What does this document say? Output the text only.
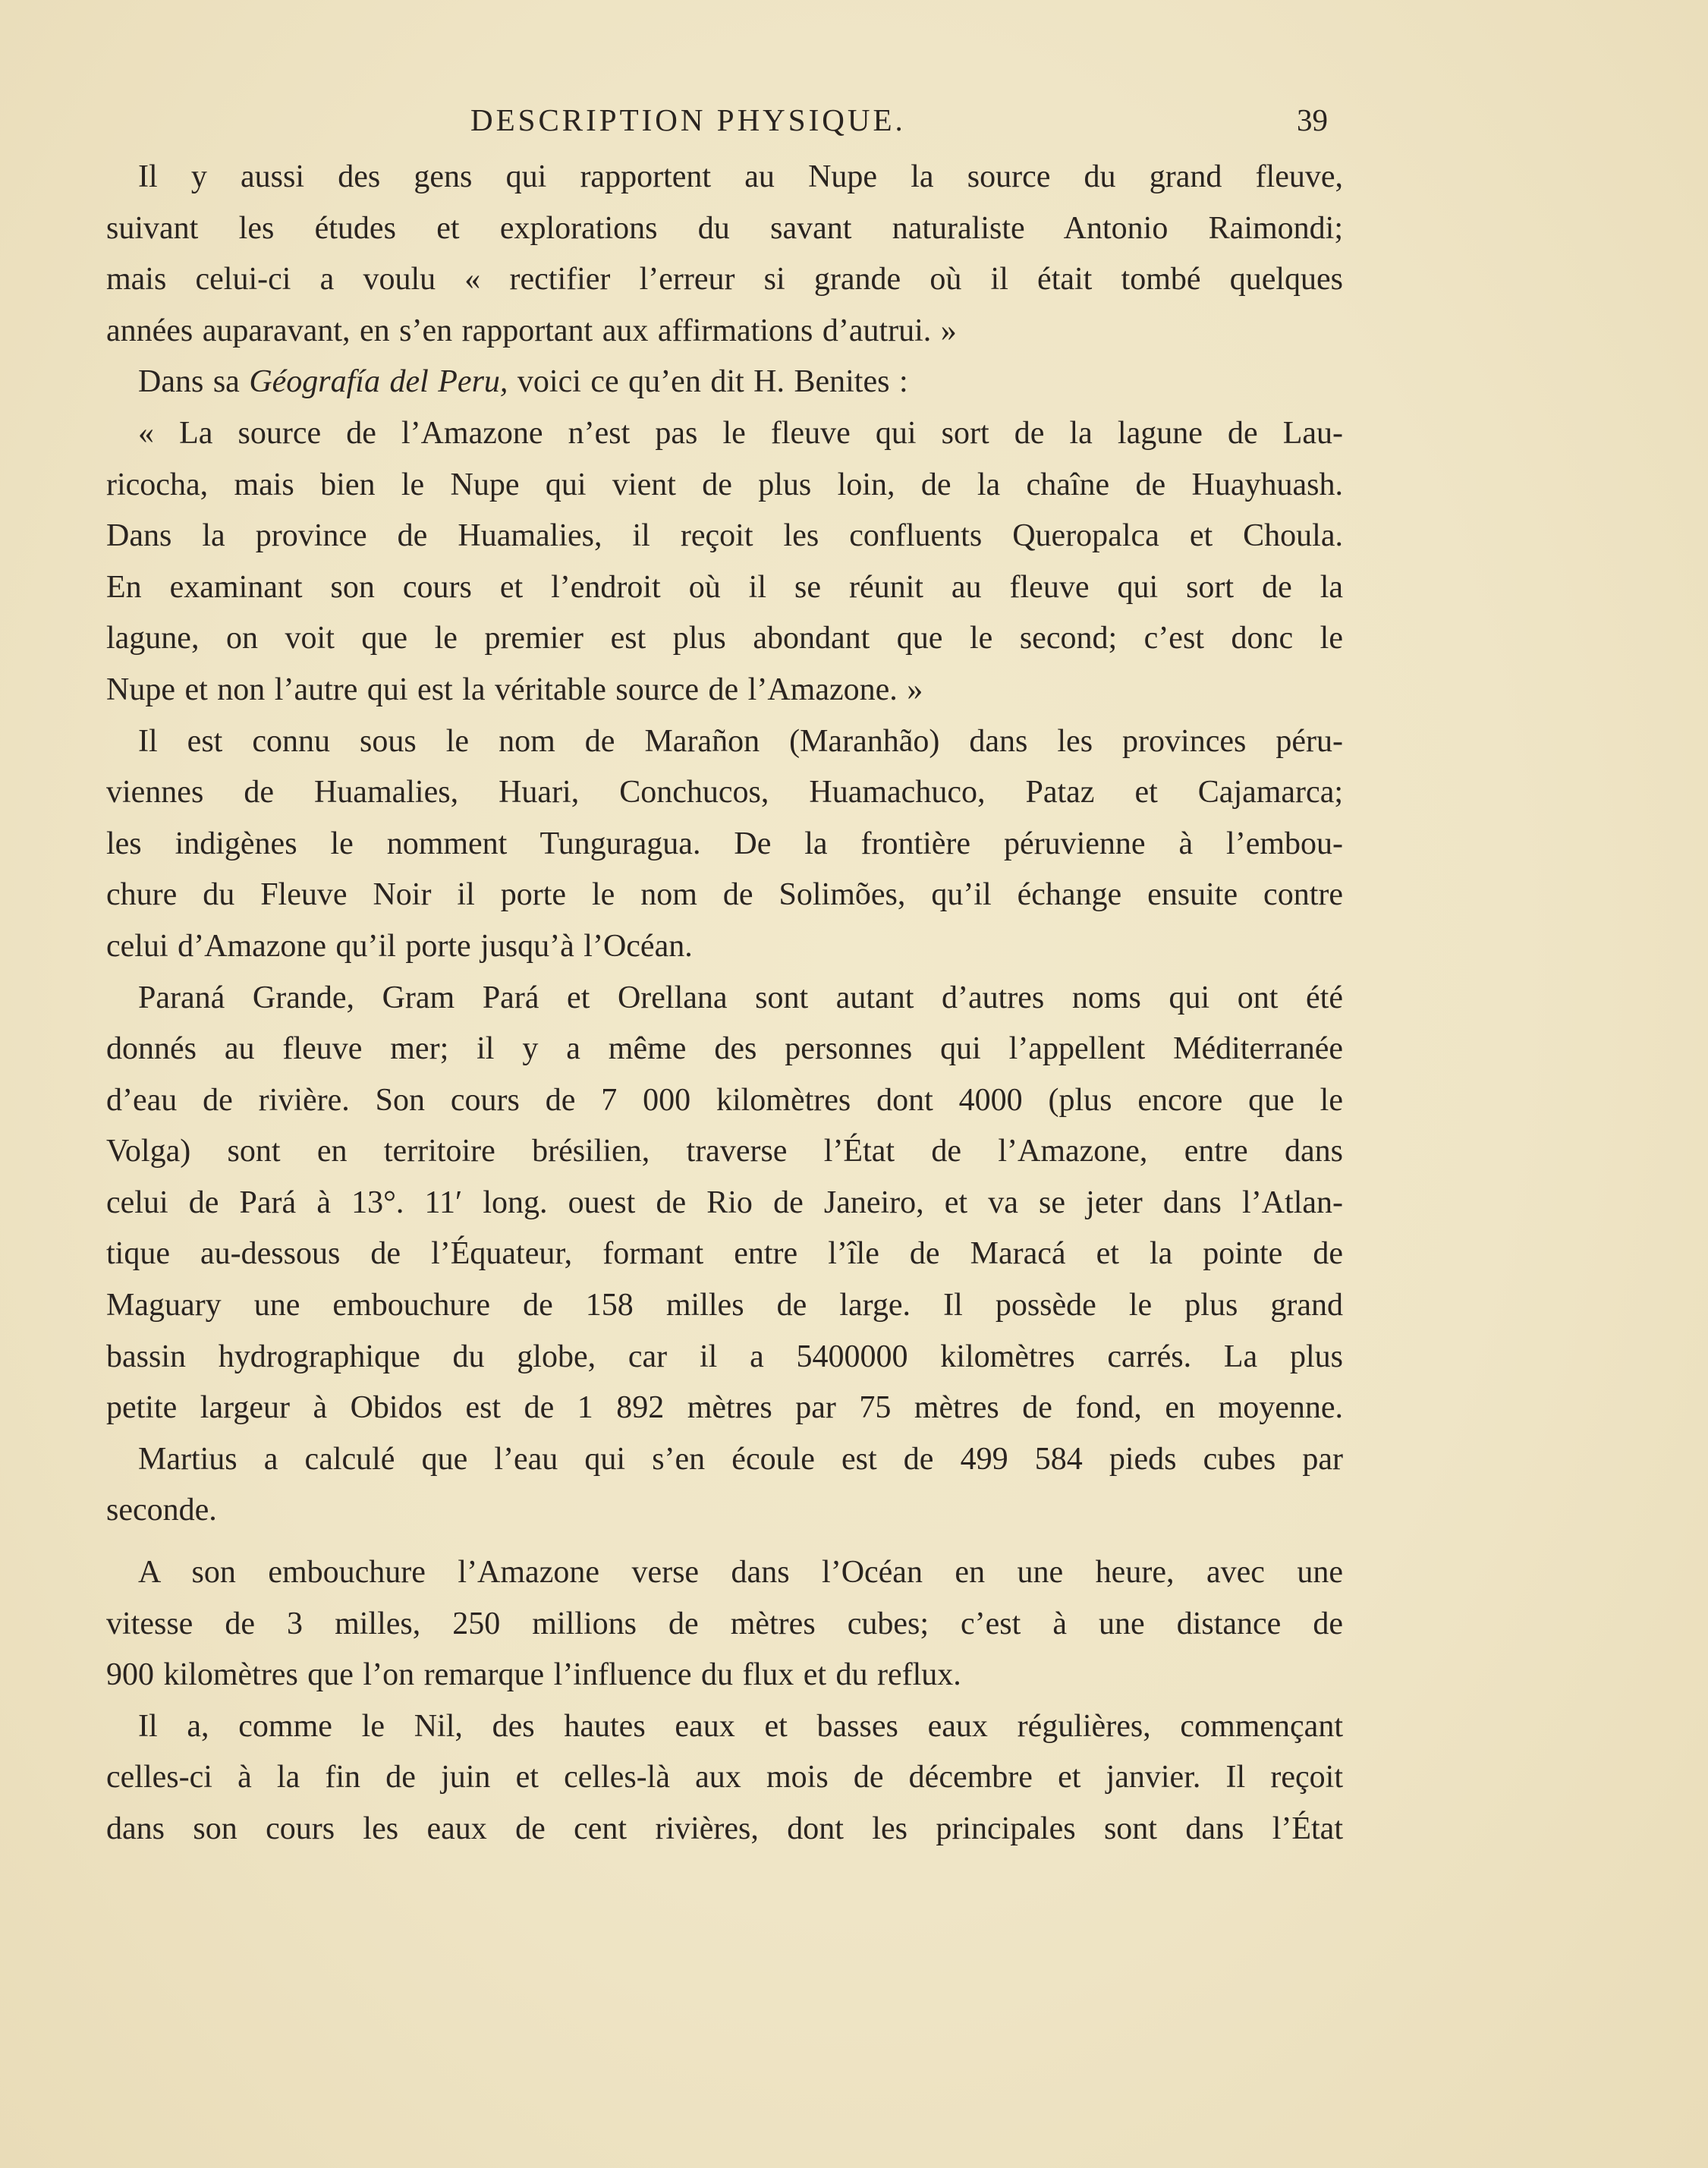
DESCRIPTION PHYSIQUE.	39
Il y aussi des gens qui rapportent au Nupe la source du grand fleuve,
suivant les études et explorations du savant naturaliste Antonio Raimondi;
mais celui-ci a voulu « rectifier l’erreur si grande où il était tombé quelques
années auparavant, en s’en rapportant aux affirmations d’autrui. »
Dans sa Géografía del Peru, voici ce qu’en dit H. Benites :
« La source de l’Amazone n’est pas le fleuve qui sort de la lagune de Lau-
ricocha, mais bien le Nupe qui vient de plus loin, de la chaîne de Huayhuash.
Dans la province de Huamalies, il reçoit les confluents Queropalca et Choula.
En examinant son cours et l’endroit où il se réunit au fleuve qui sort de la
lagune, on voit que le premier est plus abondant que le second; c’est donc le
Nupe et non l’autre qui est la véritable source de l’Amazone. »
Il est connu sous le nom de Marañon (Maranhão) dans les provinces péru-
viennes de Huamalies, Huari, Conchucos, Huamachuco, Pataz et Cajamarca;
les indigènes le nomment Tunguragua. De la frontière péruvienne à l’embou-
chure du Fleuve Noir il porte le nom de Solimões, qu’il échange ensuite contre
celui d’Amazone qu’il porte jusqu’à l’Océan.
Paraná Grande, Gram Pará et Orellana sont autant d’autres noms qui ont été
donnés au fleuve mer; il y a même des personnes qui l’appellent Méditerranée
d’eau de rivière. Son cours de 7 000 kilomètres dont 4000 (plus encore que le
Volga) sont en territoire brésilien, traverse l’État de l’Amazone, entre dans
celui de Pará à 13°. 11′ long. ouest de Rio de Janeiro, et va se jeter dans l’Atlan-
tique au-dessous de l’Équateur, formant entre l’île de Maracá et la pointe de
Maguary une embouchure de 158 milles de large. Il possède le plus grand
bassin hydrographique du globe, car il a 5400000 kilomètres carrés. La plus
petite largeur à Obidos est de 1 892 mètres par 75 mètres de fond, en moyenne.
Martius a calculé que l’eau qui s’en écoule est de 499 584 pieds cubes par
seconde.
A son embouchure l’Amazone verse dans l’Océan en une heure, avec une
vitesse de 3 milles, 250 millions de mètres cubes; c’est à une distance de
900 kilomètres que l’on remarque l’influence du flux et du reflux.
Il a, comme le Nil, des hautes eaux et basses eaux régulières, commençant
celles-ci à la fin de juin et celles-là aux mois de décembre et janvier. Il reçoit
dans son cours les eaux de cent rivières, dont les principales sont dans l’État
